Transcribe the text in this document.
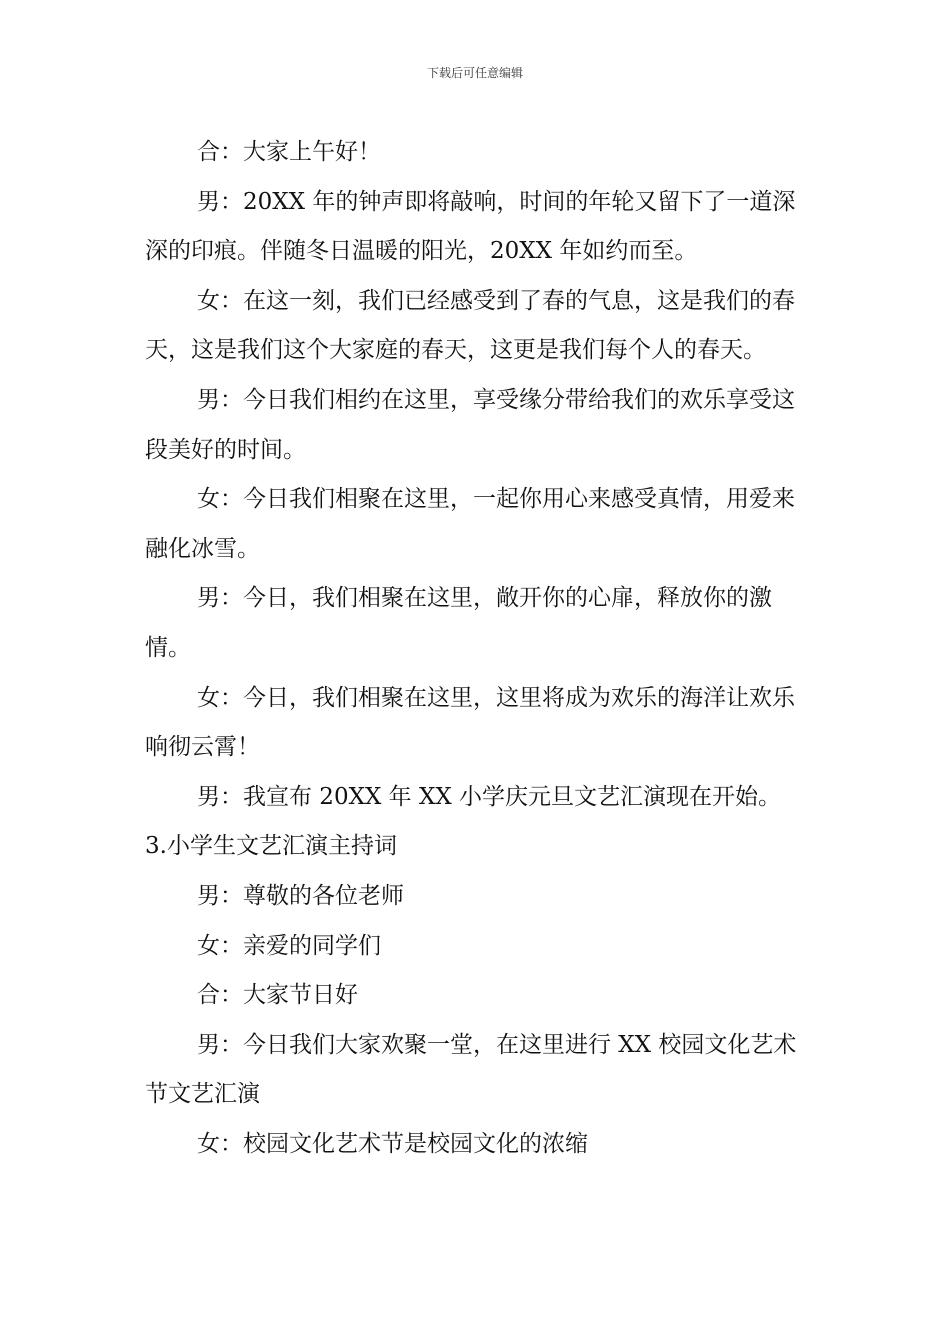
下载后可任意编辑

合：大家上午好！

男：20XX 年的钟声即将敲响，时间的年轮又留下了一道深深的印痕。伴随冬日温暖的阳光，20XX 年如约而至。

女：在这一刻，我们已经感受到了春的气息，这是我们的春天，这是我们这个大家庭的春天，这更是我们每个人的春天。

男：今日我们相约在这里，享受缘分带给我们的欢乐享受这段美好的时间。

女：今日我们相聚在这里，一起你用心来感受真情，用爱来融化冰雪。

男：今日，我们相聚在这里，敞开你的心扉，释放你的激情。

女：今日，我们相聚在这里，这里将成为欢乐的海洋让欢乐响彻云霄！

男：我宣布 20XX 年 XX 小学庆元旦文艺汇演现在开始。

3.小学生文艺汇演主持词

男：尊敬的各位老师

女：亲爱的同学们

合：大家节日好

男：今日我们大家欢聚一堂，在这里进行 XX 校园文化艺术节文艺汇演

女：校园文化艺术节是校园文化的浓缩
